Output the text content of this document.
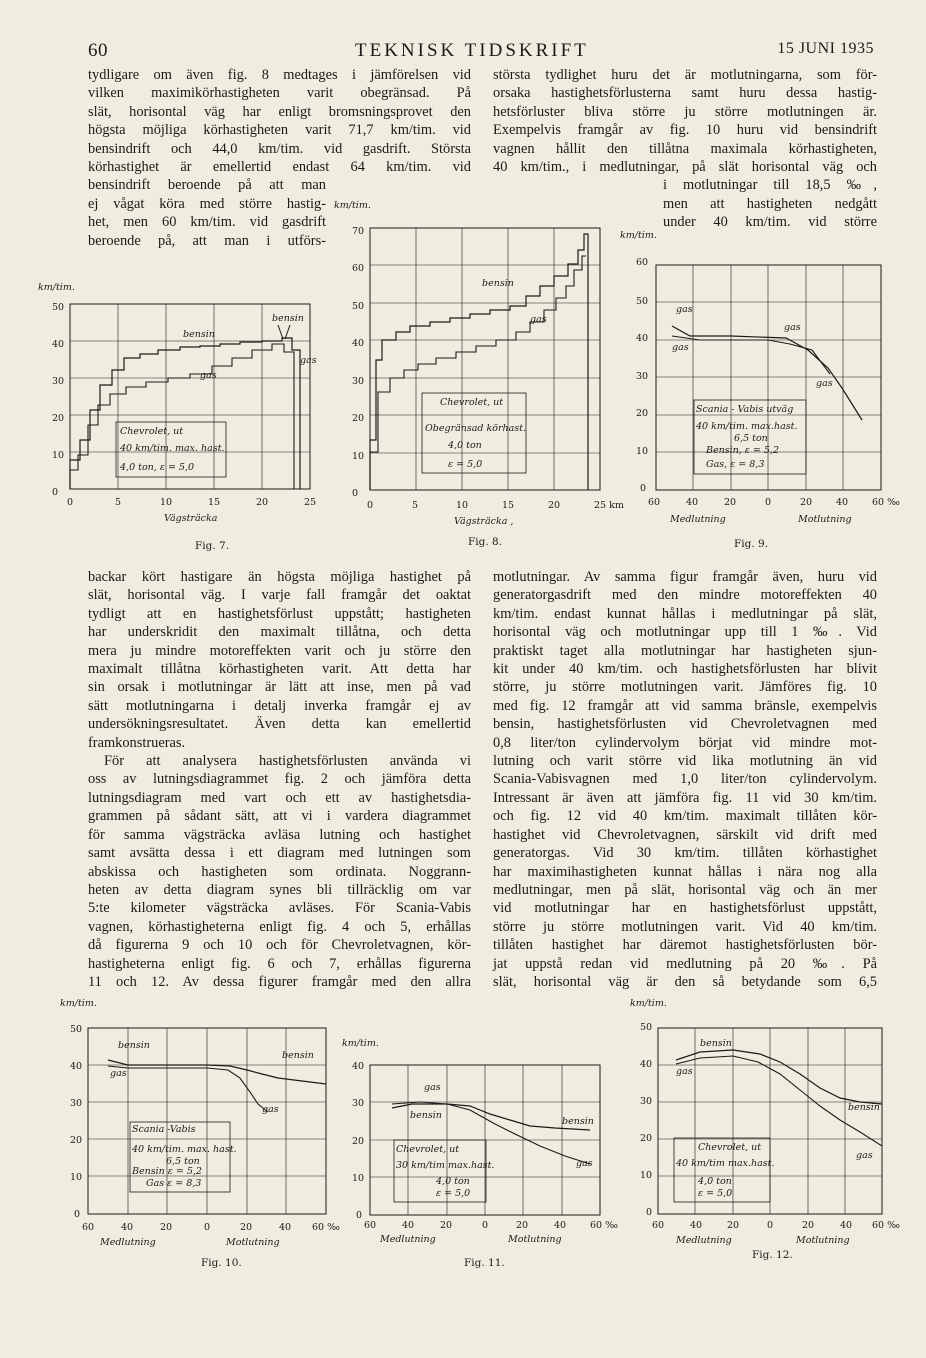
60	TEKNISK TIDSKRIFT	15 JUNI 1935
tydligare om även fig. 8 medtages i jämförelsen vid
vilken maximikörhastigheten varit obegränsad. På
slät, horisontal väg har enligt bromsningsprovet den
högsta möjliga körhastigheten varit 71,7 km/tim. vid
bensindrift och 44,0 km/tim. vid gasdrift. Största
körhastighet är emellertid endast 64 km/tim. vid
bensindrift beroende på att man
ej vågat köra med större hastig-
het, men 60 km/tim. vid gasdrift
beroende på, att man i utförs-
största tydlighet huru det är motlutningarna, som för-
orsaka hastighetsförlusterna samt huru dessa hastig-
hetsförluster bliva större ju större motlutningen är.
Exempelvis framgår av fig. 10 huru vid bensindrift
vagnen hållit den tillåtna maximala körhastigheten,
40 km/tim., i medlutningar, på slät horisontal väg och
i motlutningar till 18,5 ‰,
men att hastigheten nedgått
under 40 km/tim. vid större
backar kört hastigare än högsta möjliga hastighet på
slät, horisontal väg. I varje fall framgår det oaktat
tydligt att en hastighetsförlust uppstått; hastigheten
har underskridit den maximalt tillåtna, och detta
mera ju mindre motoreffekten varit och ju större den
maximalt tillåtna körhastigheten varit. Att detta har
sin orsak i motlutningar är lätt att inse, men på vad
sätt motlutningarna i detalj inverka framgår ej av
undersökningsresultatet. Även detta kan emellertid
framkonstrueras.
För att analysera hastighetsförlusten använda vi
oss av lutningsdiagrammet fig. 2 och jämföra detta
lutningsdiagram med vart och ett av hastighetsdia-
grammen på sådant sätt, att vi i vardera diagrammet
för samma vägsträcka avläsa lutning och hastighet
samt avsätta dessa i ett diagram med lutningen som
abskissa och hastigheten som ordinata. Noggrann-
heten av detta diagram synes bli tillräcklig om var
5:te kilometer vägsträcka avläses. För Scania-Vabis
vagnen, körhastigheterna enligt fig. 4 och 5, erhållas
då figurerna 9 och 10 och för Chevroletvagnen, kör-
hastigheterna enligt fig. 6 och 7, erhållas figurerna
11 och 12. Av dessa figurer framgår med den allra
motlutningar. Av samma figur framgår även, huru vid
generatorgasdrift med den mindre motoreffekten 40
km/tim. endast kunnat hållas i medlutningar på slät,
horisontal väg och motlutningar upp till 1 ‰. Vid
praktiskt taget alla motlutningar har hastigheten sjun-
kit under 40 km/tim. och hastighetsförlusten har blivit
större, ju större motlutningen varit. Jämföres fig. 10
med fig. 12 framgår att vid samma bränsle, exempelvis
bensin, hastighetsförlusten vid Chevroletvagnen med
0,8 liter/ton cylindervolym börjat vid mindre mot-
lutning och varit större vid lika motlutning än vid
Scania-Vabisvagnen med 1,0 liter/ton cylindervolym.
Intressant är även att jämföra fig. 11 vid 30 km/tim.
och fig. 12 vid 40 km/tim. maximalt tillåten kör-
hastighet vid Chevroletvagnen, särskilt vid drift med
generatorgas. Vid 30 km/tim. tillåten körhastighet
har maximihastigheten kunnat hållas i nära nog alla
medlutningar, men på slät, horisontal väg och än mer
vid motlutningar har en hastighetsförlust uppstått,
större ju större motlutningen varit. Vid 40 km/tim.
tillåten hastighet har däremot hastighetsförlusten bör-
jat uppstå redan vid medlutning på 20 ‰. På
slät, horisontal väg är den så betydande som 6,5
km/tim.
50
40
30
20
10
0
0	5	10	15	20	25
Vägsträcka
bensin
bensin
gas
gas
Chevrolet, ut
40 km/tim. max. hast.
4,0 ton, ε = 5,0
Fig. 7.
km/tim.
70
60
50
40
30
20
10
0
0	5	10	15	20	25 km
Vägsträcka ,
bensin
gas
Chevrolet, ut
Obegränsad körhast.
4,0 ton
ε = 5,0
Fig. 8.
km/tim.
60
50
40
30
20
10
0
60	40	20	0	20	40	60 ‰
Medlutning	Motlutning
gas
gas
gas
gas
Scania - Vabis utväg
40 km/tim. max.hast.
6,5 ton
Bensin, ε = 5,2
Gas, ε = 8,3
Fig. 9.
km/tim.
50
40
30
20
10
0
60	40	20	0	20	40 60 ‰
Medlutning	Motlutning
bensin
bensin
gas
gas
Scania -Vabis
40 km/tim. max. hast.
6,5 ton
Bensin ε = 5,2
Gas ε = 8,3
Fig. 10.
km/tim.
40
30
20
10
0
60	40	20	0	20	40	60 ‰
Medlutning	Motlutning
bensin
bensin
gas
gas
Chevrolet, ut
30 km/tim max.hast.
4,0 ton
ε = 5,0
Fig. 11.
km/tim.
50
40
30
20
10
0
60	40	20	0	20	40 60 ‰
Medlutning	Motlutning
bensin
bensin
gas
gas
Chevrolet, ut
40 km/tim max.hast.
4,0 ton
ε = 5,0
Fig. 12.
